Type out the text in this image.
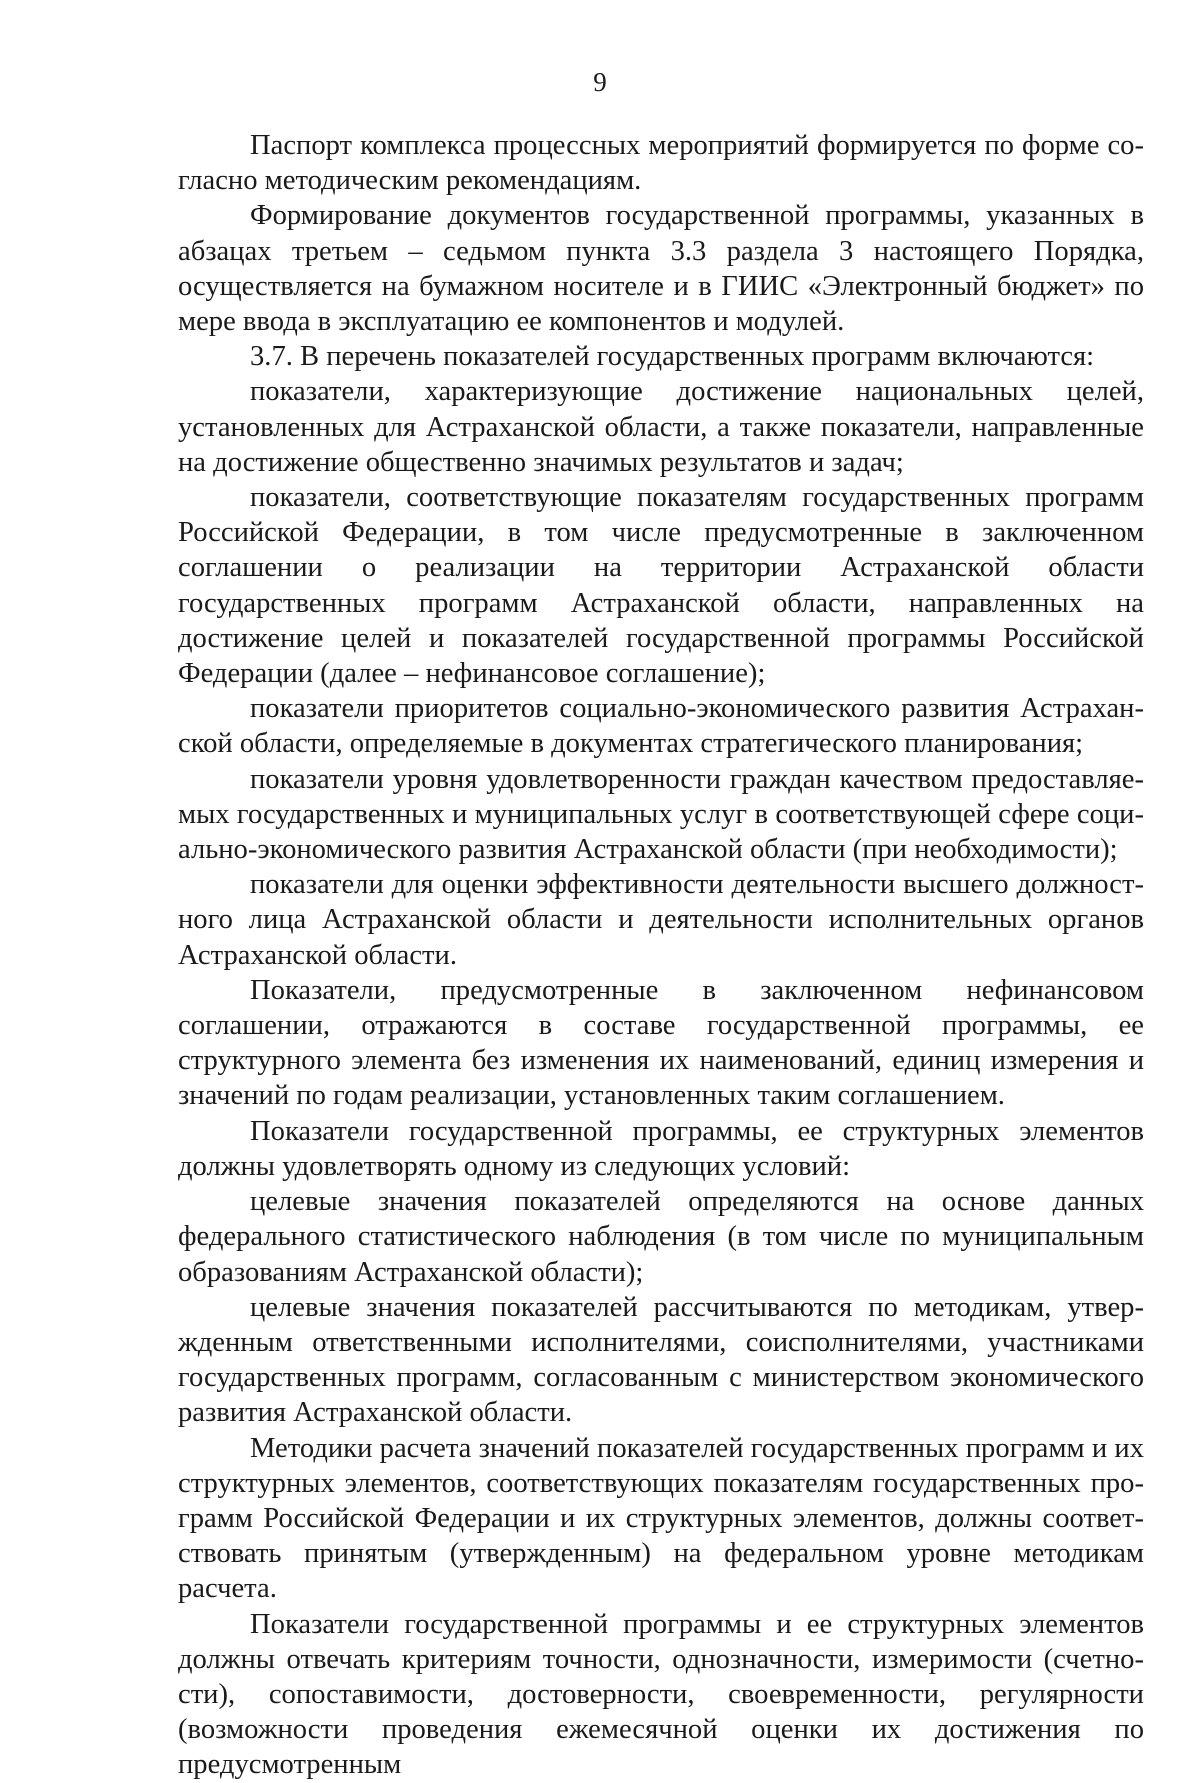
9

Паспорт комплекса процессных мероприятий формируется по форме согласно методическим рекомендациям.

Формирование документов государственной программы, указанных в абзацах третьем – седьмом пункта 3.3 раздела 3 настоящего Порядка, осуществляется на бумажном носителе и в ГИИС «Электронный бюджет» по мере ввода в эксплуатацию ее компонентов и модулей.

3.7. В перечень показателей государственных программ включаются:

показатели, характеризующие достижение национальных целей, установленных для Астраханской области, а также показатели, направленные на достижение общественно значимых результатов и задач;

показатели, соответствующие показателям государственных программ Российской Федерации, в том числе предусмотренные в заключенном соглашении о реализации на территории Астраханской области государственных программ Астраханской области, направленных на достижение целей и показателей государственной программы Российской Федерации (далее – нефинансовое соглашение);

показатели приоритетов социально-экономического развития Астраханской области, определяемые в документах стратегического планирования;

показатели уровня удовлетворенности граждан качеством предоставляемых государственных и муниципальных услуг в соответствующей сфере социально-экономического развития Астраханской области (при необходимости);

показатели для оценки эффективности деятельности высшего должностного лица Астраханской области и деятельности исполнительных органов Астраханской области.

Показатели, предусмотренные в заключенном нефинансовом соглашении, отражаются в составе государственной программы, ее структурного элемента без изменения их наименований, единиц измерения и значений по годам реализации, установленных таким соглашением.

Показатели государственной программы, ее структурных элементов должны удовлетворять одному из следующих условий:

целевые значения показателей определяются на основе данных федерального статистического наблюдения (в том числе по муниципальным образованиям Астраханской области);

целевые значения показателей рассчитываются по методикам, утвержденным ответственными исполнителями, соисполнителями, участниками государственных программ, согласованным с министерством экономического развития Астраханской области.

Методики расчета значений показателей государственных программ и их структурных элементов, соответствующих показателям государственных программ Российской Федерации и их структурных элементов, должны соответствовать принятым (утвержденным) на федеральном уровне методикам расчета.

Показатели государственной программы и ее структурных элементов должны отвечать критериям точности, однозначности, измеримости (счетности), сопоставимости, достоверности, своевременности, регулярности (возможности проведения ежемесячной оценки их достижения по предусмотренным
